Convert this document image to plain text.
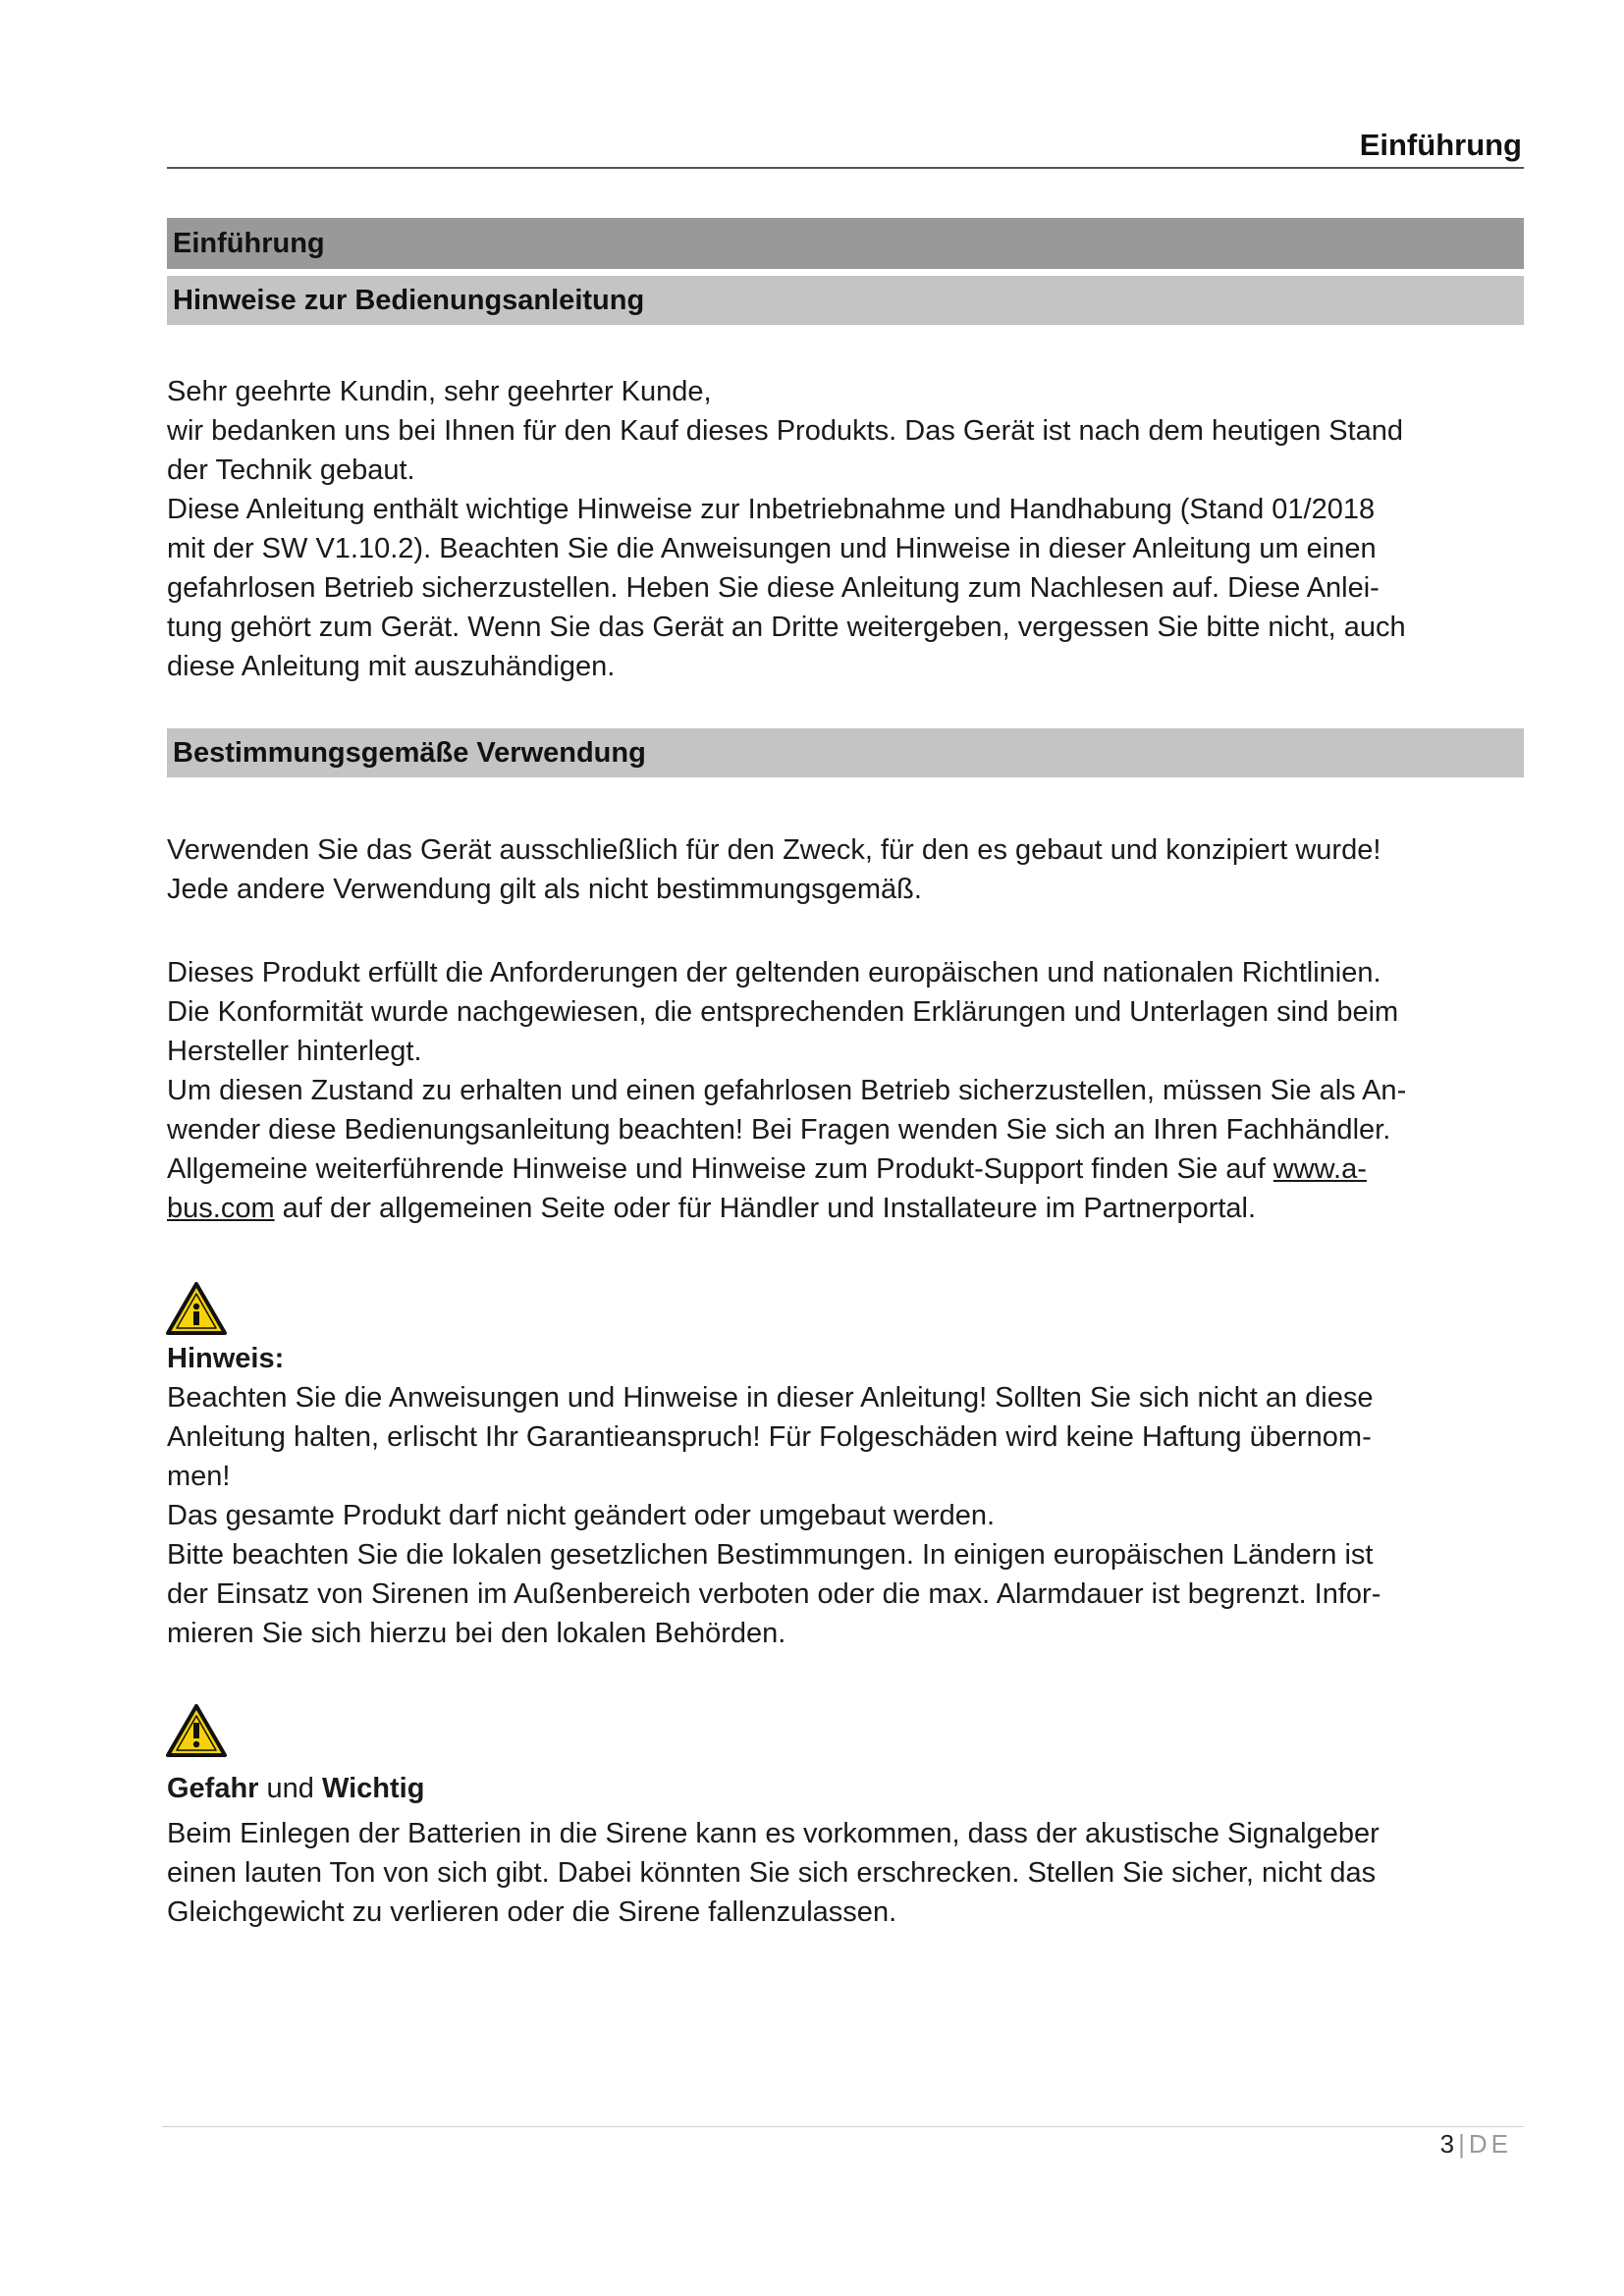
Einführung
Einführung
Hinweise zur Bedienungsanleitung
Sehr geehrte Kundin, sehr geehrter Kunde,
wir bedanken uns bei Ihnen für den Kauf dieses Produkts. Das Gerät ist nach dem heutigen Stand
der Technik gebaut.
Diese Anleitung enthält wichtige Hinweise zur Inbetriebnahme und Handhabung (Stand 01/2018
mit der SW V1.10.2). Beachten Sie die Anweisungen und Hinweise in dieser Anleitung um einen
gefahrlosen Betrieb sicherzustellen. Heben Sie diese Anleitung zum Nachlesen auf. Diese Anlei-
tung gehört zum Gerät. Wenn Sie das Gerät an Dritte weitergeben, vergessen Sie bitte nicht, auch
diese Anleitung mit auszuhändigen.
Bestimmungsgemäße Verwendung
Verwenden Sie das Gerät ausschließlich für den Zweck, für den es gebaut und konzipiert wurde!
Jede andere Verwendung gilt als nicht bestimmungsgemäß.
Dieses Produkt erfüllt die Anforderungen der geltenden europäischen und nationalen Richtlinien.
Die Konformität wurde nachgewiesen, die entsprechenden Erklärungen und Unterlagen sind beim
Hersteller hinterlegt.
Um diesen Zustand zu erhalten und einen gefahrlosen Betrieb sicherzustellen, müssen Sie als An-
wender diese Bedienungsanleitung beachten! Bei Fragen wenden Sie sich an Ihren Fachhändler.
Allgemeine weiterführende Hinweise und Hinweise zum Produkt-Support finden Sie auf www.a-
bus.com auf der allgemeinen Seite oder für Händler und Installateure im Partnerportal.
Hinweis:
Beachten Sie die Anweisungen und Hinweise in dieser Anleitung! Sollten Sie sich nicht an diese
Anleitung halten, erlischt Ihr Garantieanspruch! Für Folgeschäden wird keine Haftung übernom-
men!
Das gesamte Produkt darf nicht geändert oder umgebaut werden.
Bitte beachten Sie die lokalen gesetzlichen Bestimmungen. In einigen europäischen Ländern ist
der Einsatz von Sirenen im Außenbereich verboten oder die max. Alarmdauer ist begrenzt. Infor-
mieren Sie sich hierzu bei den lokalen Behörden.
Gefahr und Wichtig
Beim Einlegen der Batterien in die Sirene kann es vorkommen, dass der akustische Signalgeber
einen lauten Ton von sich gibt. Dabei könnten Sie sich erschrecken. Stellen Sie sicher, nicht das
Gleichgewicht zu verlieren oder die Sirene fallenzulassen.
3 | DE
